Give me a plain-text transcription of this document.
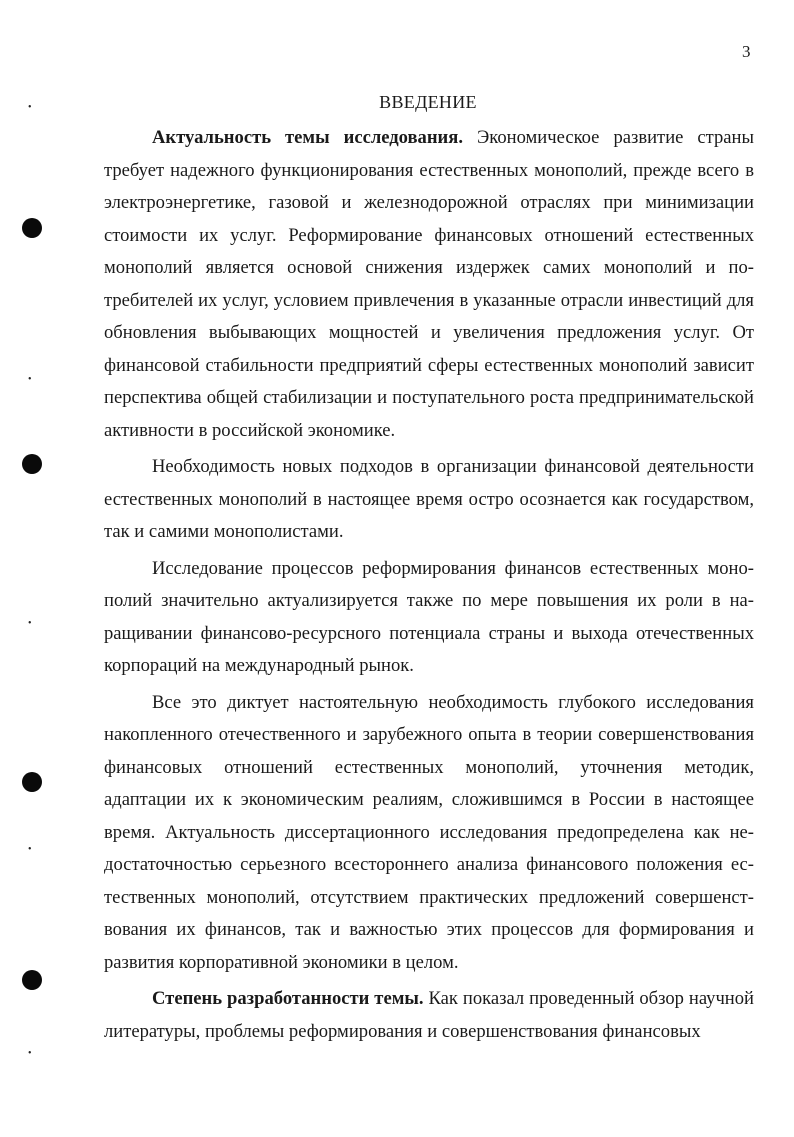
•
•
•
•
•
3
ВВЕДЕНИЕ

Актуальность темы исследования. Экономическое развитие страны требует надежного функционирования естественных монополий, прежде всего в электроэнергетике, газовой и железнодорожной отраслях при минимизации стоимости их услуг. Реформирование финансовых отношений естественных монополий является основой снижения издержек самих монополий и потребителей их услуг, условием привлечения в указанные отрасли инвестиций для обновления выбывающих мощностей и увеличения предложения услуг. От финансовой стабильности предприятий сферы естественных монополий зависит перспектива общей стабилизации и поступательного роста предпринимательской активности в российской экономике.

Необходимость новых подходов в организации финансовой деятельности естественных монополий в настоящее время остро осознается как государством, так и самими монополистами.

Исследование процессов реформирования финансов естественных монополий значительно актуализируется также по мере повышения их роли в наращивании финансово-ресурсного потенциала страны и выхода отечественных корпораций на международный рынок.

Все это диктует настоятельную необходимость глубокого исследования накопленного отечественного и зарубежного опыта в теории совершенствования финансовых отношений естественных монополий, уточнения методик, адаптации их к экономическим реалиям, сложившимся в России в настоящее время. Актуальность диссертационного исследования предопределена как недостаточностью серьезного всестороннего анализа финансового положения естественных монополий, отсутствием практических предложений совершенствования их финансов, так и важностью этих процессов для формирования и развития корпоративной экономики в целом.

Степень разработанности темы. Как показал проведенный обзор научной литературы, проблемы реформирования и совершенствования финансовых
